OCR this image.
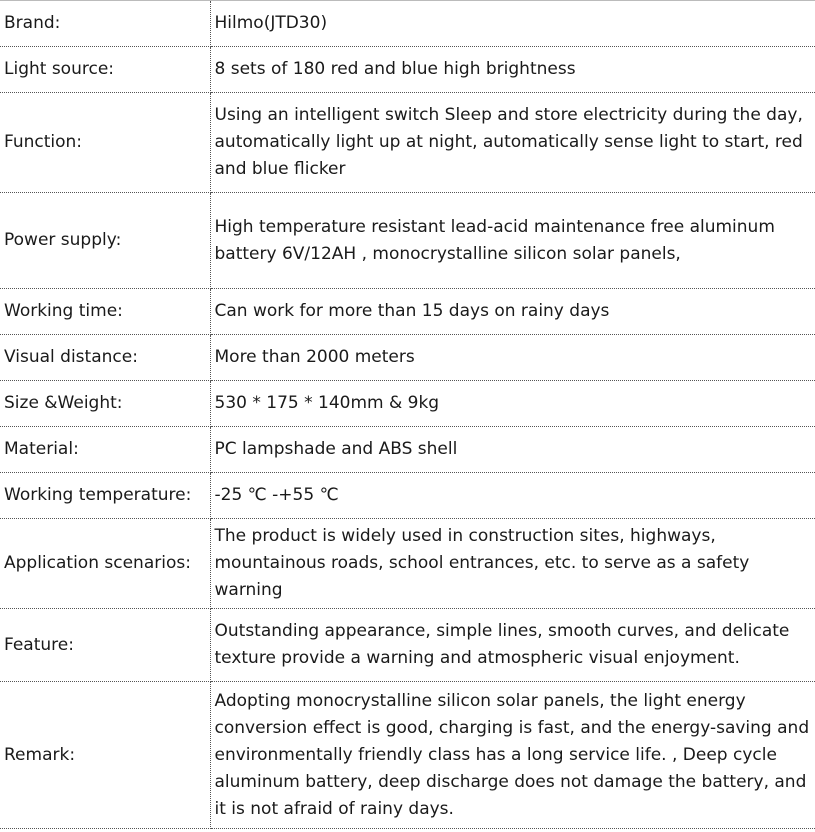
Brand:	Hilmo(JTD30)
Light source:	8 sets of 180 red and blue high brightness
Function:	Using an intelligent switch Sleep and store electricity during the day, automatically light up at night, automatically sense light to start, red and blue flicker
Power supply:	High temperature resistant lead-acid maintenance free aluminum battery 6V/12AH , monocrystalline silicon solar panels,
Working time:	Can work for more than 15 days on rainy days
Visual distance:	More than 2000 meters
Size &Weight:	530 * 175 * 140mm & 9kg
Material:	PC lampshade and ABS shell
Working temperature:	-25 ℃ -+55 ℃
Application scenarios:	The product is widely used in construction sites, highways, mountainous roads, school entrances, etc. to serve as a safety warning
Feature:	Outstanding appearance, simple lines, smooth curves, and delicate texture provide a warning and atmospheric visual enjoyment.
Remark:	Adopting monocrystalline silicon solar panels, the light energy conversion effect is good, charging is fast, and the energy-saving and environmentally friendly class has a long service life. , Deep cycle aluminum battery, deep discharge does not damage the battery, and it is not afraid of rainy days.
